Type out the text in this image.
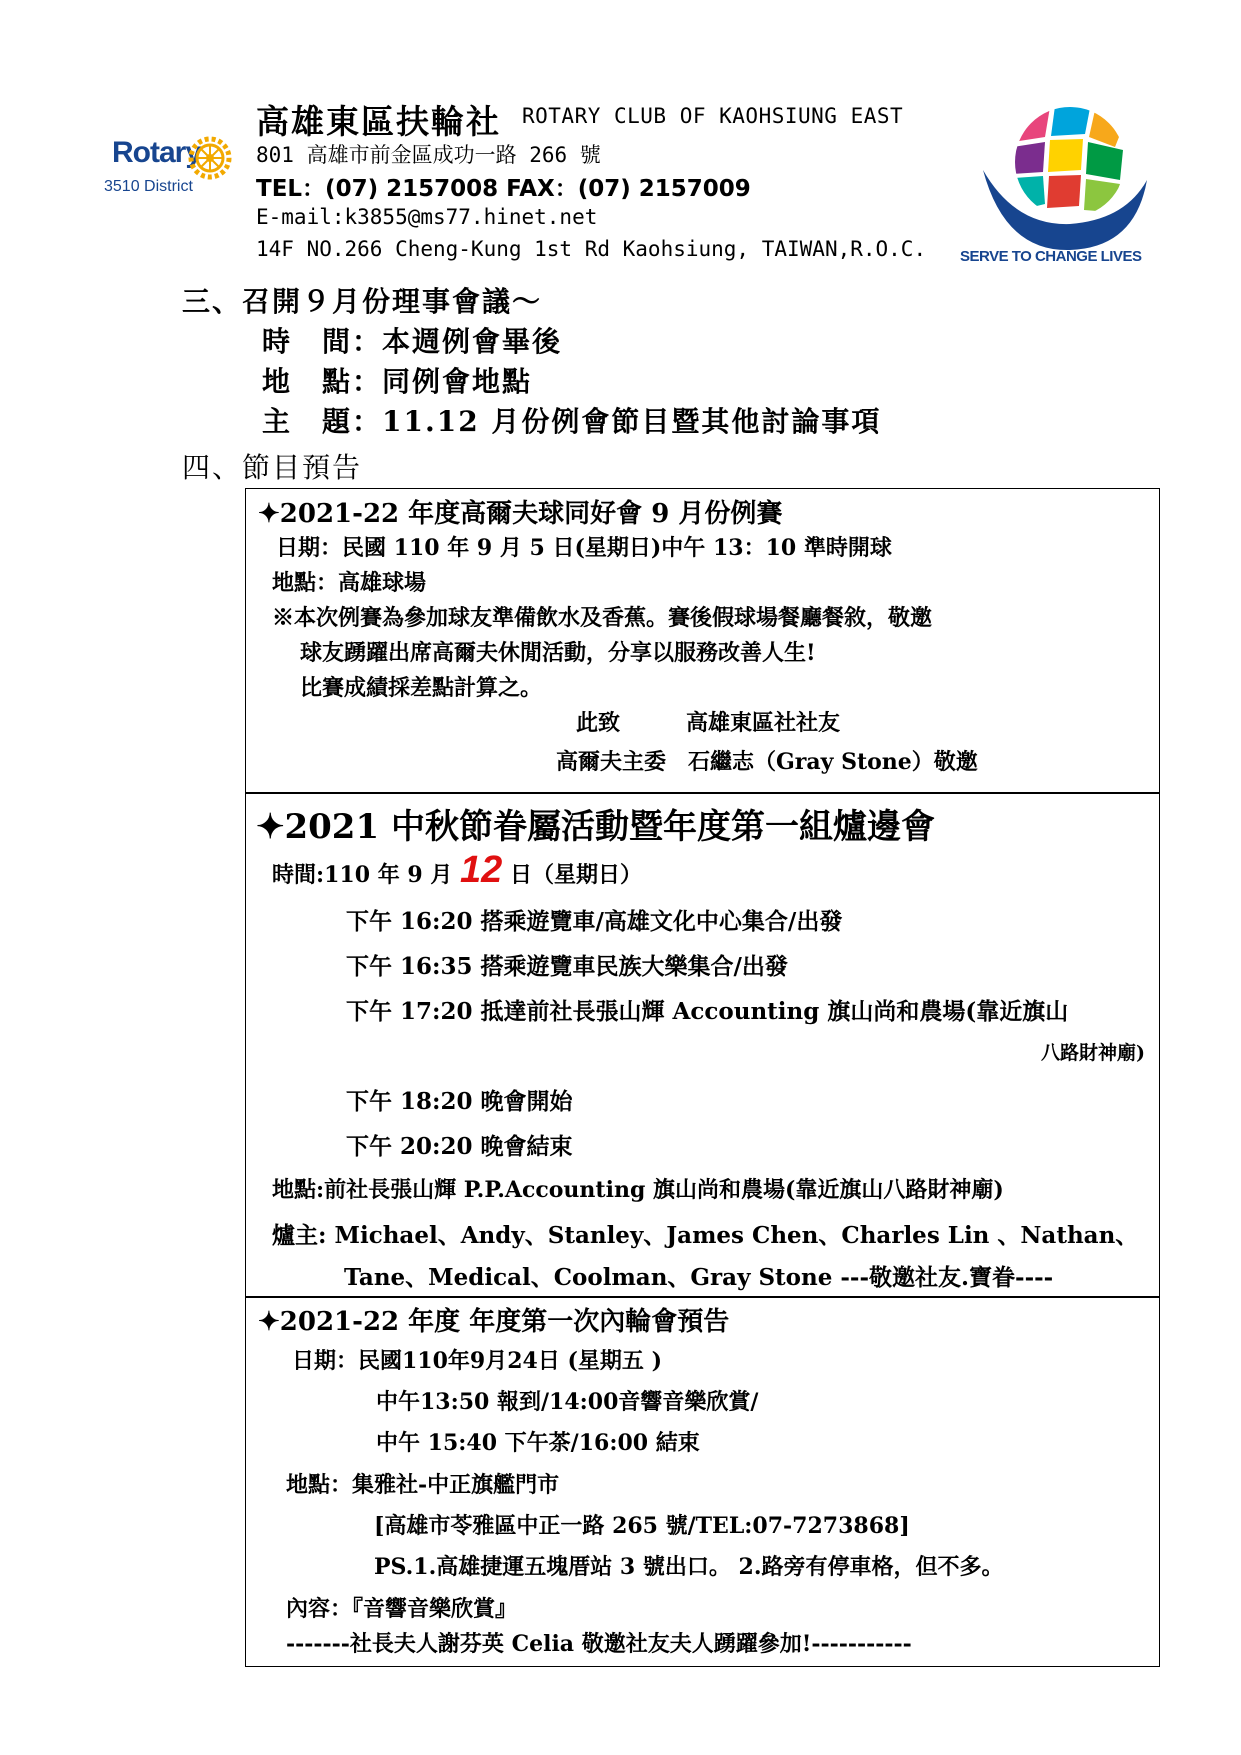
Rotary
3510 District
高雄東區扶輪社 ROTARY CLUB OF KAOHSIUNG EAST
801 高雄市前金區成功一路 266 號
TEL：(07) 2157008 FAX：(07) 2157009
E-mail:k3855@ms77.hinet.net
14F NO.266 Cheng-Kung 1st Rd Kaohsiung, TAIWAN,R.O.C. SERVE TO CHANGE LIVES
三、召開９月份理事會議～
時　間：本週例會畢後
地　點：同例會地點
主　題：11.12 月份例會節目暨其他討論事項
四、節目預告
✦2021-22 年度高爾夫球同好會 9 月份例賽
日期：民國 110 年 9 月 5 日(星期日)中午 13：10 準時開球
地點：高雄球場
※本次例賽為參加球友準備飲水及香蕉。賽後假球場餐廳餐敘，敬邀
球友踴躍出席高爾夫休閒活動，分享以服務改善人生!
比賽成績採差點計算之。
此致　　　高雄東區社社友
高爾夫主委　石繼志（Gray Stone）敬邀
✦2021 中秋節眷屬活動暨年度第一組爐邊會
時間:110 年 9 月 12 日（星期日）
下午 16:20 搭乘遊覽車/高雄文化中心集合/出發
下午 16:35 搭乘遊覽車民族大樂集合/出發
下午 17:20 抵達前社長張山輝 Accounting 旗山尚和農場(靠近旗山
八路財神廟)
下午 18:20 晚會開始
下午 20:20 晚會結束
地點:前社長張山輝 P.P.Accounting 旗山尚和農場(靠近旗山八路財神廟)
爐主: Michael、Andy、Stanley、James Chen、Charles Lin 、Nathan、
Tane、Medical、Coolman、Gray Stone ---敬邀社友.寶眷----
✦2021-22 年度 年度第一次內輪會預告
日期：民國110年9月24日 (星期五 )
中午13:50 報到/14:00音響音樂欣賞/
中午 15:40 下午茶/16:00 結束
地點：集雅社-中正旗艦門市
[高雄市苓雅區中正一路 265 號/TEL:07-7273868]
PS.1.高雄捷運五塊厝站 3 號出口。 2.路旁有停車格，但不多。
內容：『音響音樂欣賞』
-------社長夫人謝芬英 Celia 敬邀社友夫人踴躍參加!-----------
